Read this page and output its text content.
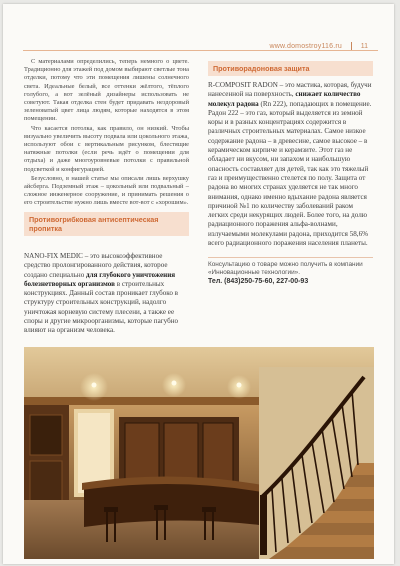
www.domostroy116.ru	11

С материалами определились, теперь немного о цвете. Традиционно для этажей под домом выбирают светлые тона отделки, потому что эти помещения лишены солнечного света. Идеальные белый, все оттенки жёлтого, тёплого голубого, а вот зелёный дизайнеры использовать не советуют. Такая отделка стен будет придавать нездоровый зеленоватый цвет лица людям, которые находятся в этом помещении.

Что касается потолка, как правило, он низкий. Чтобы визуально увеличить высоту подвала или цокольного этажа, используют обои с вертикальным рисунком, блестящие натяжные потолки (если речь идёт о помещении для отдыха) и даже многоуровневые потолки с правильной подсветкой и конфигурацией.

Безусловно, в нашей статье мы описали лишь верхушку айсберга. Подземный этаж – цокольный или подвальный – сложное инженерное сооружение, и принимать решения о его строительстве нужно лишь вместе вот-вот с «хорошим».

Противогрибковая антисептическая пропитка

NANO-FIX MEDIC – это высокоэффективное средство пролонгированного действия, которое создано специально для глубокого уничтожения болезнетворных организмов в строительных конструкциях. Данный состав проникает глубоко в структуру строительных конструкций, надолго уничтожая корневую систему плесени, а также ее споры и другие микроорганизмы, которые пагубно влияют на организм человека.

Противорадоновая защита

R-COMPOSIT RADON – это мастика, которая, будучи нанесенной на поверхность, снижает количество молекул радона (Rn 222), попадающих в помещение. Радон 222 – это газ, который выделяется из земной коры и в разных концентрациях содержится в различных строительных материалах. Самое низкое содержание радона – в древесине, самое высокое – в керамическом кирпиче и керамзите. Этот газ не обладает ни вкусом, ни запахом и наибольшую опасность составляет для детей, так как это тяжелый газ и преимущественно стелется по полу. Защита от радона во многих странах уделяется не так много внимания, однако именно вдыхание радона является причиной №1 по количеству заболеваний раком легких среди некурящих людей. Более того, на долю радиационного поражения альфа-волнами, излучаемыми молекулами радона, приходится 58,6% всего радиационного поражения населения планеты.

Консультацию о товаре можно получить в компании «Инновационные технологии».
Тел. (843)250-75-60, 227-00-93
